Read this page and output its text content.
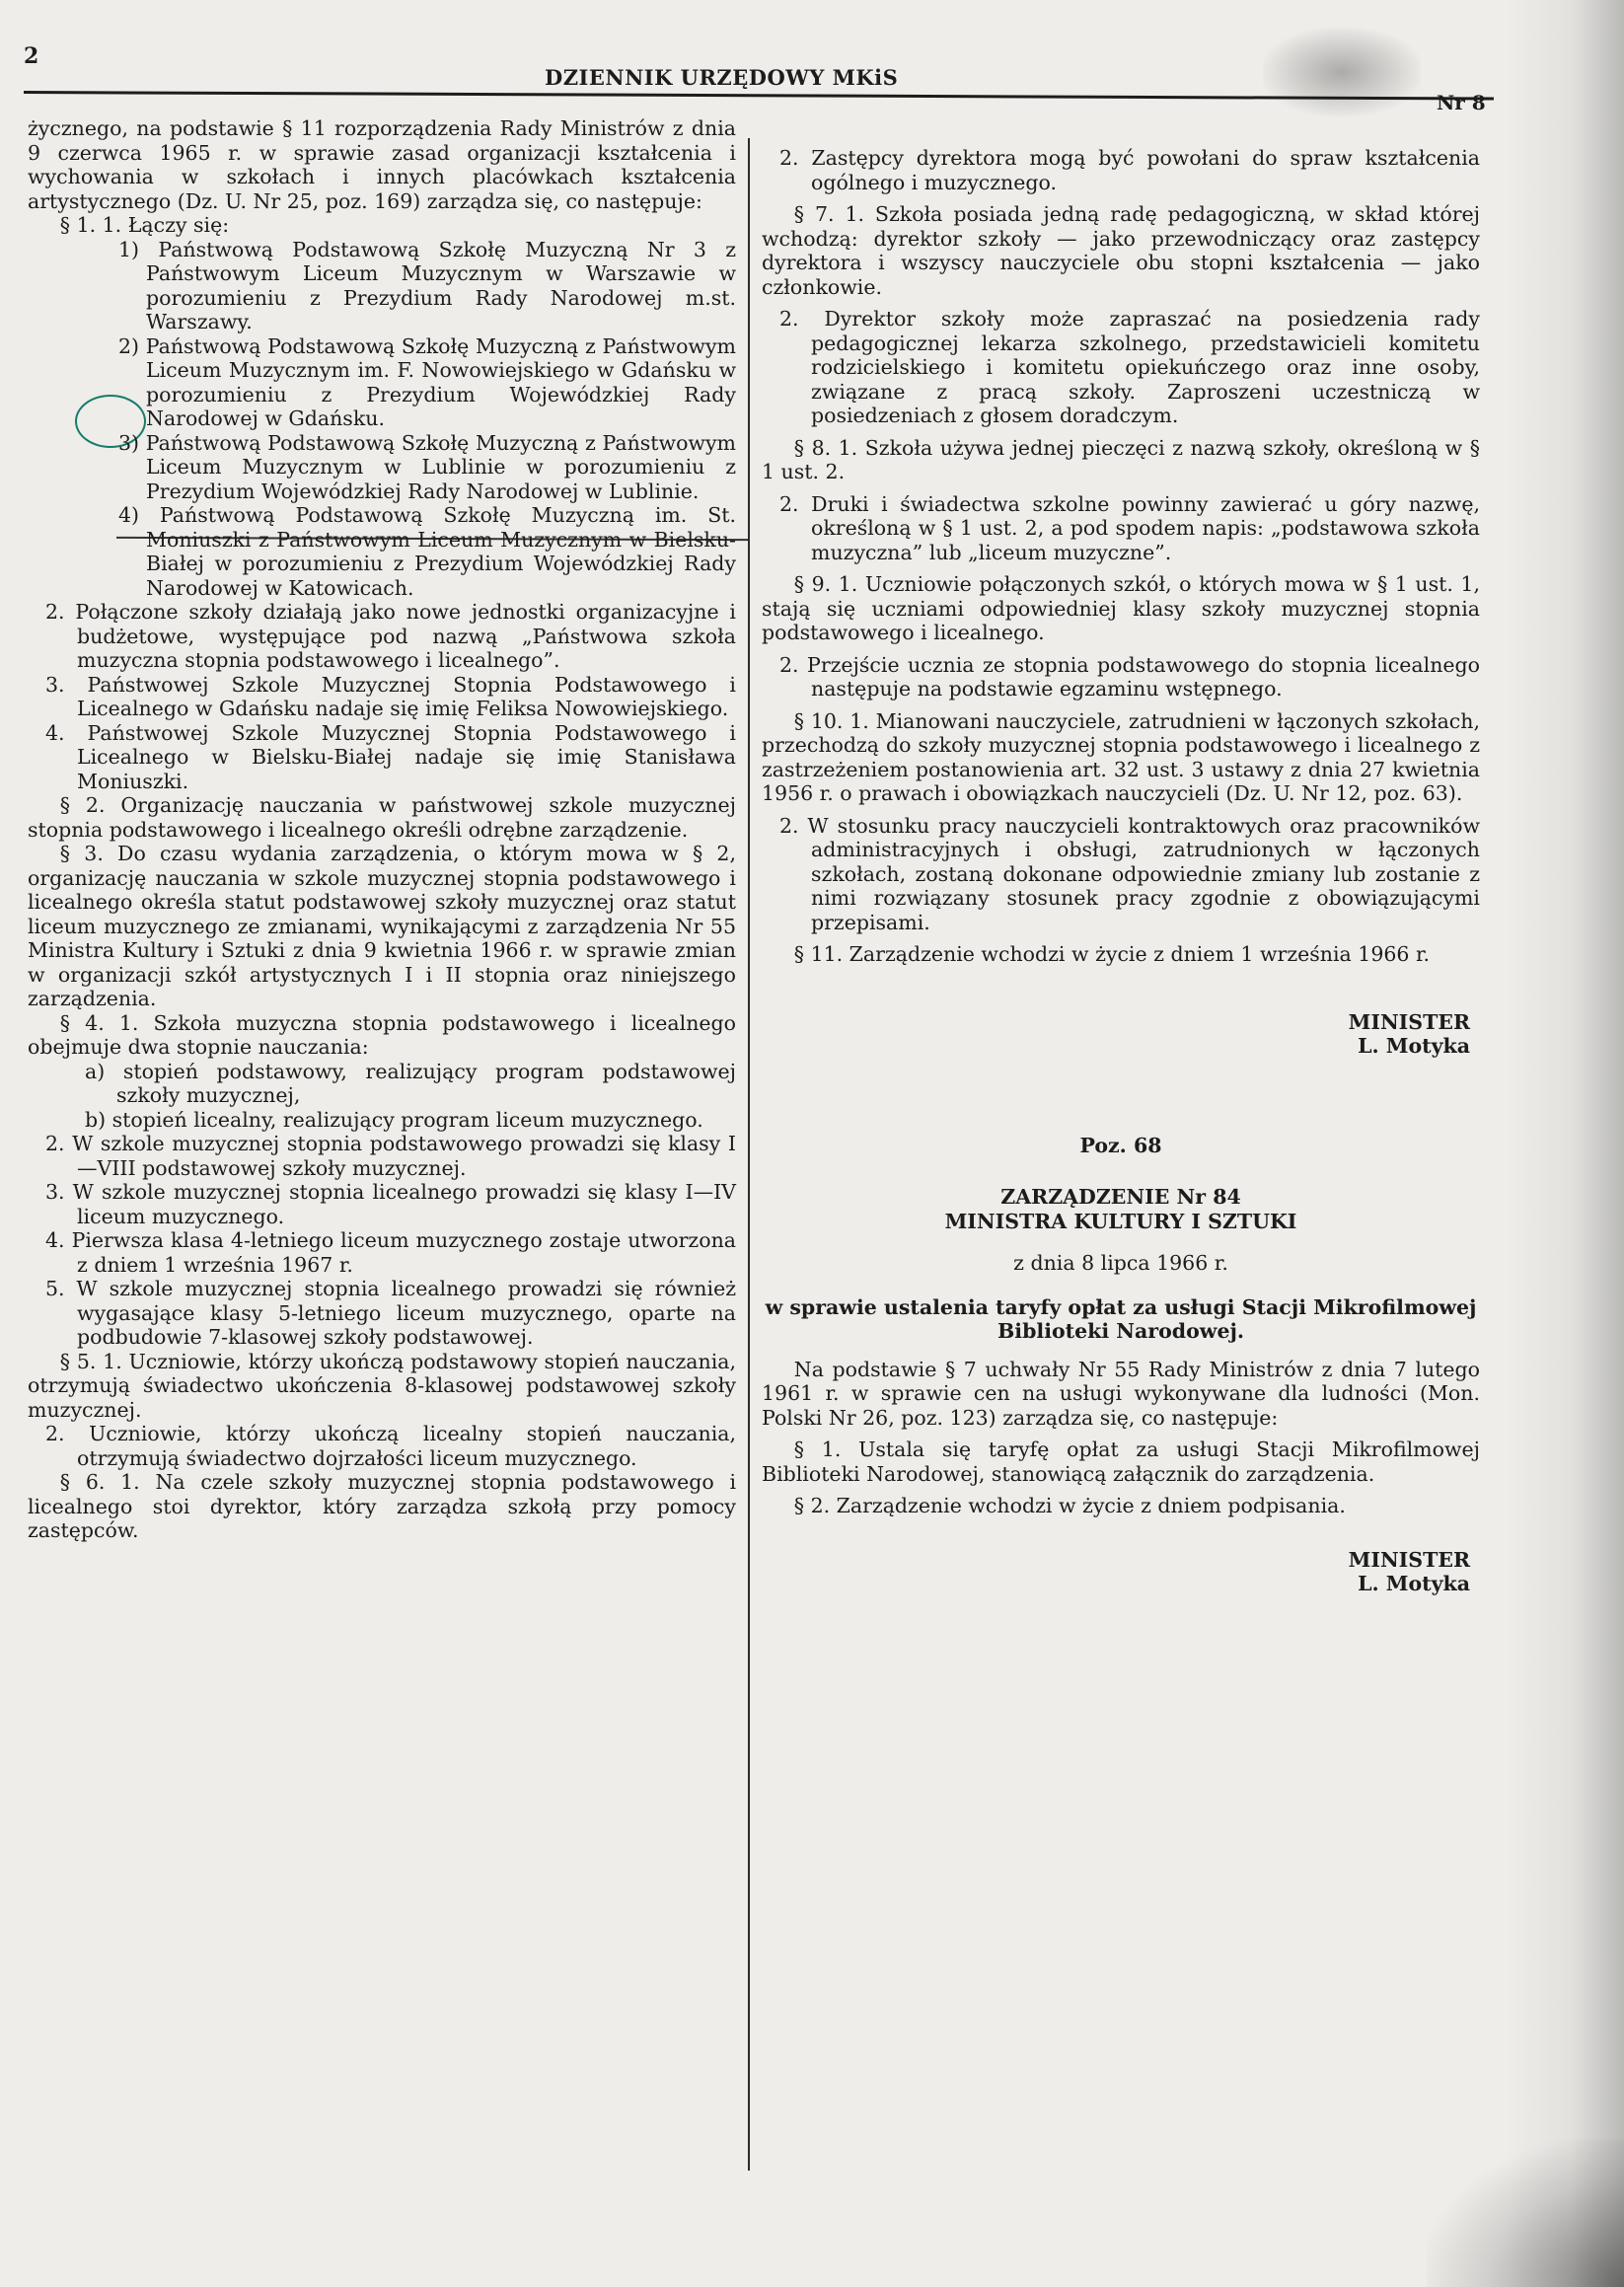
2
DZIENNIK URZĘDOWY MKiS
Nr 8

życznego, na podstawie § 11 rozporządzenia Rady Ministrów z dnia 9 czerwca 1965 r. w sprawie zasad organizacji kształcenia i wychowania w szkołach i innych placówkach kształcenia artystycznego (Dz. U. Nr 25, poz. 169) zarządza się, co następuje:

§ 1. 1. Łączy się:

1) Państwową Podstawową Szkołę Muzyczną Nr 3 z Państwowym Liceum Muzycznym w Warszawie w porozumieniu z Prezydium Rady Narodowej m.st. Warszawy.

2) Państwową Podstawową Szkołę Muzyczną z Państwowym Liceum Muzycznym im. F. Nowowiejskiego w Gdańsku w porozumieniu z Prezydium Wojewódzkiej Rady Narodowej w Gdańsku.

3) Państwową Podstawową Szkołę Muzyczną z Państwowym Liceum Muzycznym w Lublinie w porozumieniu z Prezydium Wojewódzkiej Rady Narodowej w Lublinie.

4) Państwową Podstawową Szkołę Muzyczną im. St. Moniuszki z Państwowym Liceum Muzycznym w Bielsku-Białej w porozumieniu z Prezydium Wojewódzkiej Rady Narodowej w Katowicach.

2. Połączone szkoły działają jako nowe jednostki organizacyjne i budżetowe, występujące pod nazwą „Państwowa szkoła muzyczna stopnia podstawowego i licealnego”.

3. Państwowej Szkole Muzycznej Stopnia Podstawowego i Licealnego w Gdańsku nadaje się imię Feliksa Nowowiejskiego.

4. Państwowej Szkole Muzycznej Stopnia Podstawowego i Licealnego w Bielsku-Białej nadaje się imię Stanisława Moniuszki.

§ 2. Organizację nauczania w państwowej szkole muzycznej stopnia podstawowego i licealnego określi odrębne zarządzenie.

§ 3. Do czasu wydania zarządzenia, o którym mowa w § 2, organizację nauczania w szkole muzycznej stopnia podstawowego i licealnego określa statut podstawowej szkoły muzycznej oraz statut liceum muzycznego ze zmianami, wynikającymi z zarządzenia Nr 55 Ministra Kultury i Sztuki z dnia 9 kwietnia 1966 r. w sprawie zmian w organizacji szkół artystycznych I i II stopnia oraz niniejszego zarządzenia.

§ 4. 1. Szkoła muzyczna stopnia podstawowego i licealnego obejmuje dwa stopnie nauczania:

a) stopień podstawowy, realizujący program podstawowej szkoły muzycznej,

b) stopień licealny, realizujący program liceum muzycznego.

2. W szkole muzycznej stopnia podstawowego prowadzi się klasy I—VIII podstawowej szkoły muzycznej.

3. W szkole muzycznej stopnia licealnego prowadzi się klasy I—IV liceum muzycznego.

4. Pierwsza klasa 4-letniego liceum muzycznego zostaje utworzona z dniem 1 września 1967 r.

5. W szkole muzycznej stopnia licealnego prowadzi się również wygasające klasy 5-letniego liceum muzycznego, oparte na podbudowie 7-klasowej szkoły podstawowej.

§ 5. 1. Uczniowie, którzy ukończą podstawowy stopień nauczania, otrzymują świadectwo ukończenia 8-klasowej podstawowej szkoły muzycznej.

2. Uczniowie, którzy ukończą licealny stopień nauczania, otrzymują świadectwo dojrzałości liceum muzycznego.

§ 6. 1. Na czele szkoły muzycznej stopnia podstawowego i licealnego stoi dyrektor, który zarządza szkołą przy pomocy zastępców.

2. Zastępcy dyrektora mogą być powołani do spraw kształcenia ogólnego i muzycznego.

§ 7. 1. Szkoła posiada jedną radę pedagogiczną, w skład której wchodzą: dyrektor szkoły — jako przewodniczący oraz zastępcy dyrektora i wszyscy nauczyciele obu stopni kształcenia — jako członkowie.

2. Dyrektor szkoły może zapraszać na posiedzenia rady pedagogicznej lekarza szkolnego, przedstawicieli komitetu rodzicielskiego i komitetu opiekuńczego oraz inne osoby, związane z pracą szkoły. Zaproszeni uczestniczą w posiedzeniach z głosem doradczym.

§ 8. 1. Szkoła używa jednej pieczęci z nazwą szkoły, określoną w § 1 ust. 2.

2. Druki i świadectwa szkolne powinny zawierać u góry nazwę, określoną w § 1 ust. 2, a pod spodem napis: „podstawowa szkoła muzyczna” lub „liceum muzyczne”.

§ 9. 1. Uczniowie połączonych szkół, o których mowa w § 1 ust. 1, stają się uczniami odpowiedniej klasy szkoły muzycznej stopnia podstawowego i licealnego.

2. Przejście ucznia ze stopnia podstawowego do stopnia licealnego następuje na podstawie egzaminu wstępnego.

§ 10. 1. Mianowani nauczyciele, zatrudnieni w łączonych szkołach, przechodzą do szkoły muzycznej stopnia podstawowego i licealnego z zastrzeżeniem postanowienia art. 32 ust. 3 ustawy z dnia 27 kwietnia 1956 r. o prawach i obowiązkach nauczycieli (Dz. U. Nr 12, poz. 63).

2. W stosunku pracy nauczycieli kontraktowych oraz pracowników administracyjnych i obsługi, zatrudnionych w łączonych szkołach, zostaną dokonane odpowiednie zmiany lub zostanie z nimi rozwiązany stosunek pracy zgodnie z obowiązującymi przepisami.

§ 11. Zarządzenie wchodzi w życie z dniem 1 września 1966 r.

MINISTER
L. Motyka
Poz. 68
ZARZĄDZENIE Nr 84
MINISTRA KULTURY I SZTUKI
z dnia 8 lipca 1966 r.

w sprawie ustalenia taryfy opłat za usługi Stacji Mikrofilmowej Biblioteki Narodowej.

Na podstawie § 7 uchwały Nr 55 Rady Ministrów z dnia 7 lutego 1961 r. w sprawie cen na usługi wykonywane dla ludności (Mon. Polski Nr 26, poz. 123) zarządza się, co następuje:

§ 1. Ustala się taryfę opłat za usługi Stacji Mikrofilmowej Biblioteki Narodowej, stanowiącą załącznik do zarządzenia.

§ 2. Zarządzenie wchodzi w życie z dniem podpisania.

MINISTER
L. Motyka
